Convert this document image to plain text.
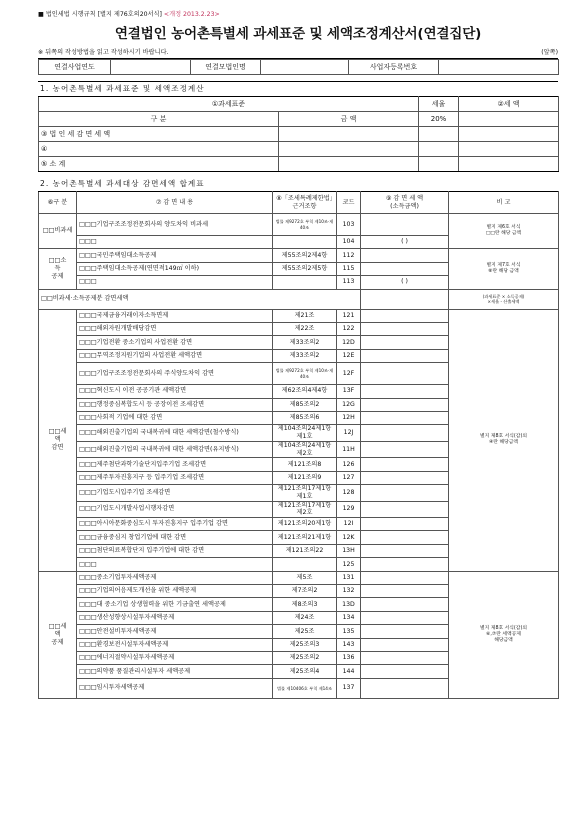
■ 법인세법 시행규칙 [별지 제76호의20서식] <개정 2013.2.23>
연결법인 농어촌특별세 과세표준 및 세액조정계산서(연결집단)
※ 뒤쪽의 작성방법을 읽고 작성하시기 바랍니다.	(앞쪽)
연결사업연도		연결모법인명		사업자등록번호	
1. 농어촌특별세 과세표준 및 세액조정계산
①과세표준		세율	②세 액
구 분	금 액	20%	
③ 법 인 세 감 면 세 액			
④			
⑤ 소 계			
2. 농어촌특별세 과세대상 감면세액 합계표
⑥구 분	⑦ 감 면 내 용	⑧「조세특례제한법」근거조항	코드	⑨ 감 면 세 액
(소득금액)	비 고
□□비과세	□□□기업구조조정전문회사의 양도차익 비과세	법률 제9272호 부칙 제10조·제40조	103		별지 제6호 서식
□□란 해당 금액
	□□□		104	( )	
□□소
득
공제	□□□국민주택임대소득공제	제55조의2제4항	112		별지 제7호 서식
⑧란 해당 금액
	□□□주택임대소득공제(연면적149㎡ 이하)	제55조의2제5항	115		
	□□□		113	( )	
□□비과세·소득공제분 감면세액					(과세표준 × 소득공제)
×세율 - 산출세액
□□세
액
감면	□□□국제금융거래이자소득면제	제21조	121		별지 제8호 서식(갑)의
④란 해당금액
	□□□해외자원개발배당감면	제22조	122		
	□□□기업전환 중소기업의 사업전환 감면	제33조의2	12D		
	□□□무역조정지원기업의 사업전환 세액감면	제33조의2	12E		
	□□□기업구조조정전문회사의 주식양도차익 감면	법률 제9272호 부칙 제10조·제40조	12F		
	□□□혁신도시 이전 공공기관 세액감면	제62조의4제4항	13F		
	□□□행정중심복합도시 등 공장이전 조세감면	제85조의2	12G		
	□□□사회적 기업에 대한 감면	제85조의6	12H		
	□□□해외진출기업의 국내복귀에 대한 세액감면(철수방식)	제104조의24제1항제1호	12J		
	□□□해외진출기업의 국내복귀에 대한 세액감면(유지방식)	제104조의24제1항제2호	11H		
	□□□제주첨단과학기술단지입주기업 조세감면	제121조의8	126		
	□□□제주투자진흥지구 등 입주기업 조세감면	제121조의9	127		
	□□□기업도시입주기업 조세감면	제121조의17제1항제1호	128		
	□□□기업도시개발사업시행자감면	제121조의17제1항제2호	129		
	□□□아시아문화중심도시 투자진흥지구 입주기업 감면	제121조의20제1항	12I		
	□□□금융중심지 창업기업에 대한 감면	제121조의21제1항	12K		
	□□□첨단의료복합단지 입주기업에 대한 감면	제121조의22	13H		
	□□□		125		
□□세
액
공제	□□□중소기업투자세액공제	제5조	131		별지 제8호 서식(갑)의
⑥,⑦란 세액공제
해당금액
	□□□기업의어음제도개선을 위한 세액공제	제7조의2	132		
	□□□대 중소기업 상생협력을 위한 기금출연 세액공제	제8조의3	13D		
	□□□생산성향상시설투자세액공제	제24조	134		
	□□□안전설비투자세액공제	제25조	135		
	□□□환경보전시설투자세액공제	제25조의3	143		
	□□□에너지절약시설투자세액공제	제25조의2	136		
	□□□의약품 품질관리시설투자 세액공제	제25조의4	144		
	□□□임시투자세액공제	법률 제10406호 부칙 제14조	137		
